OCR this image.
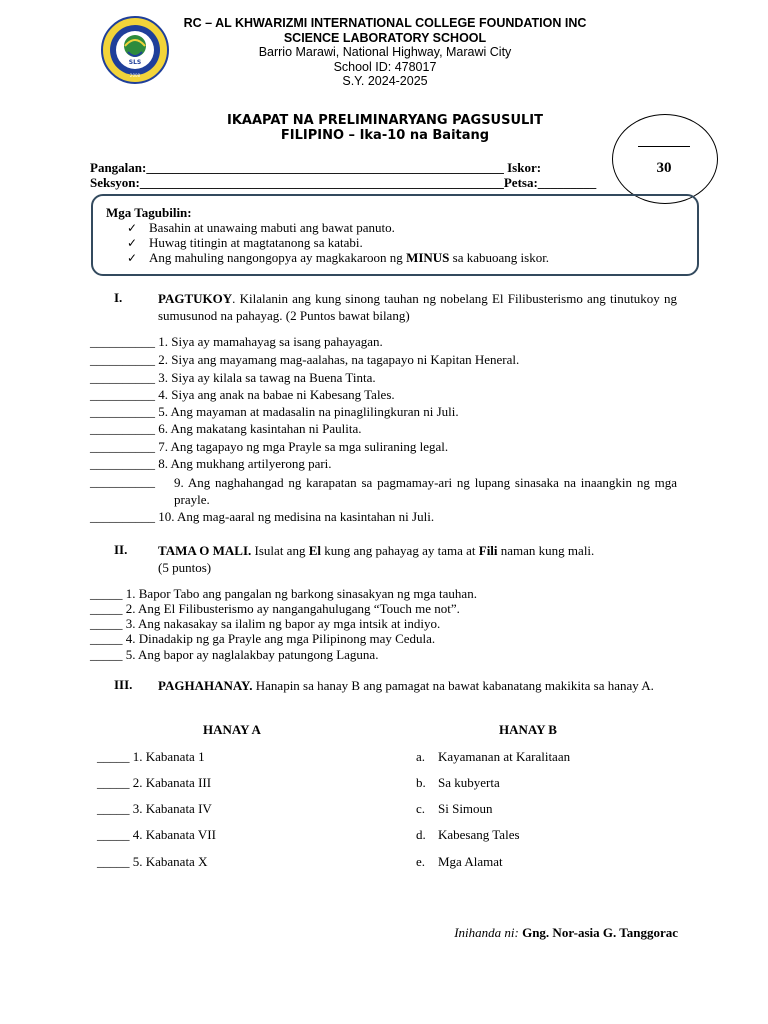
SLS
2008
RC – AL KHWARIZMI INTERNATIONAL COLLEGE FOUNDATION INC
SCIENCE LABORATORY SCHOOL
Barrio Marawi, National Highway, Marawi City
School ID: 478017
S.Y. 2024-2025
IKAAPAT NA PRELIMINARYANG PAGSUSULIT
FILIPINO – Ika-10 na Baitang
30
Pangalan:_______________________________________________________ Iskor:
Seksyon:________________________________________________________Petsa:_________
Mga Tagubilin:
✓ Basahin at unawaing mabuti ang bawat panuto.
✓ Huwag titingin at magtatanong sa katabi.
✓ Ang mahuling nangongopya ay magkakaroon ng MINUS sa kabuoang iskor.
I.	PAGTUKOY. Kilalanin ang kung sinong tauhan ng nobelang El Filibusterismo ang tinutukoy ng sumusunod na pahayag. (2 Puntos bawat bilang)
__________ 1. Siya ay mamahayag sa isang pahayagan.
__________ 2. Siya ang mayamang mag-aalahas, na tagapayo ni Kapitan Heneral.
__________ 3. Siya ay kilala sa tawag na Buena Tinta.
__________ 4. Siya ang anak na babae ni Kabesang Tales.
__________ 5. Ang mayaman at madasalin na pinaglilingkuran ni Juli.
__________ 6. Ang makatang kasintahan ni Paulita.
__________ 7. Ang tagapayo ng mga Prayle sa mga suliraning legal.
__________ 8. Ang mukhang artilyerong pari.
__________ 9. Ang naghahangad ng karapatan sa pagmamay-ari ng lupang sinasaka na inaangkin ng mga prayle.
__________ 10. Ang mag-aaral ng medisina na kasintahan ni Juli.
II. TAMA O MALI. Isulat ang El kung ang pahayag ay tama at Fili naman kung mali.
(5 puntos)
_____ 1. Bapor Tabo ang pangalan ng barkong sinasakyan ng mga tauhan.
_____ 2. Ang El Filibusterismo ay nangangahulugang “Touch me not”.
_____ 3. Ang nakasakay sa ilalim ng bapor ay mga intsik at indiyo.
_____ 4. Dinadakip ng ga Prayle ang mga Pilipinong may Cedula.
_____ 5. Ang bapor ay naglalakbay patungong Laguna.
III. PAGHAHANAY. Hanapin sa hanay B ang pamagat na bawat kabanatang makikita sa hanay A.
HANAY A	HANAY B
_____ 1. Kabanata 1
_____ 2. Kabanata III
_____ 3. Kabanata IV
_____ 4. Kabanata VII
_____ 5. Kabanata X
a. Kayamanan at Karalitaan
b. Sa kubyerta
c. Si Simoun
d. Kabesang Tales
e. Mga Alamat
Inihanda ni: Gng. Nor-asia G. Tanggorac
